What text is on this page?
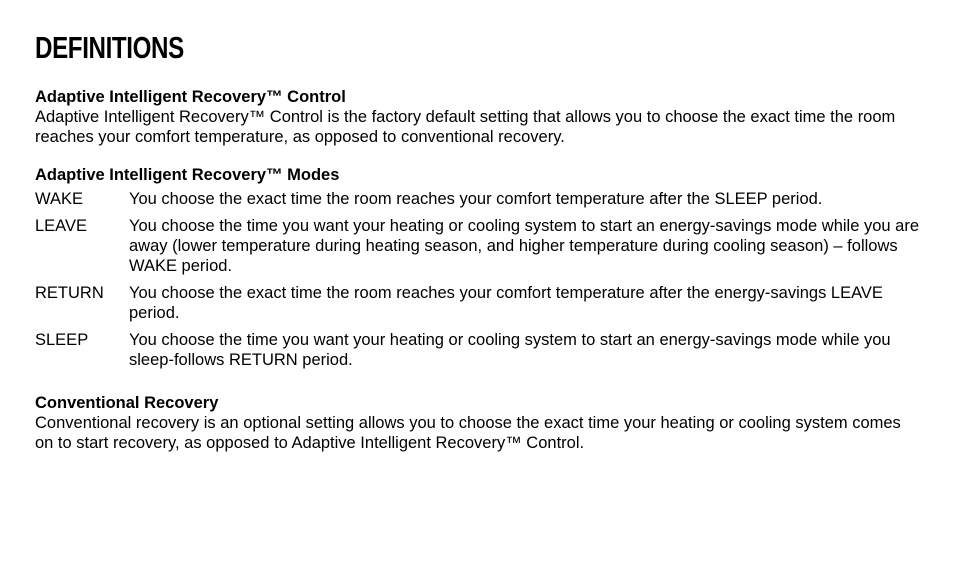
DEFINITIONS

Adaptive Intelligent Recovery™ Control

Adaptive Intelligent Recovery™ Control is the factory default setting that allows you to choose the exact time the room reaches your comfort temperature, as opposed to conventional recovery.

Adaptive Intelligent Recovery™ Modes

WAKE	You choose the exact time the room reaches your comfort temperature after the SLEEP period.
LEAVE	You choose the time you want your heating or cooling system to start an energy-savings mode while you are away (lower temperature during heating season, and higher temperature during cooling season) – follows WAKE period.
RETURN	You choose the exact time the room reaches your comfort temperature after the energy-savings LEAVE period.
SLEEP	You choose the time you want your heating or cooling system to start an energy-savings mode while you sleep-follows RETURN period.

Conventional Recovery

Conventional recovery is an optional setting allows you to choose the exact time your heating or cooling system comes on to start recovery, as opposed to Adaptive Intelligent Recovery™ Control.
